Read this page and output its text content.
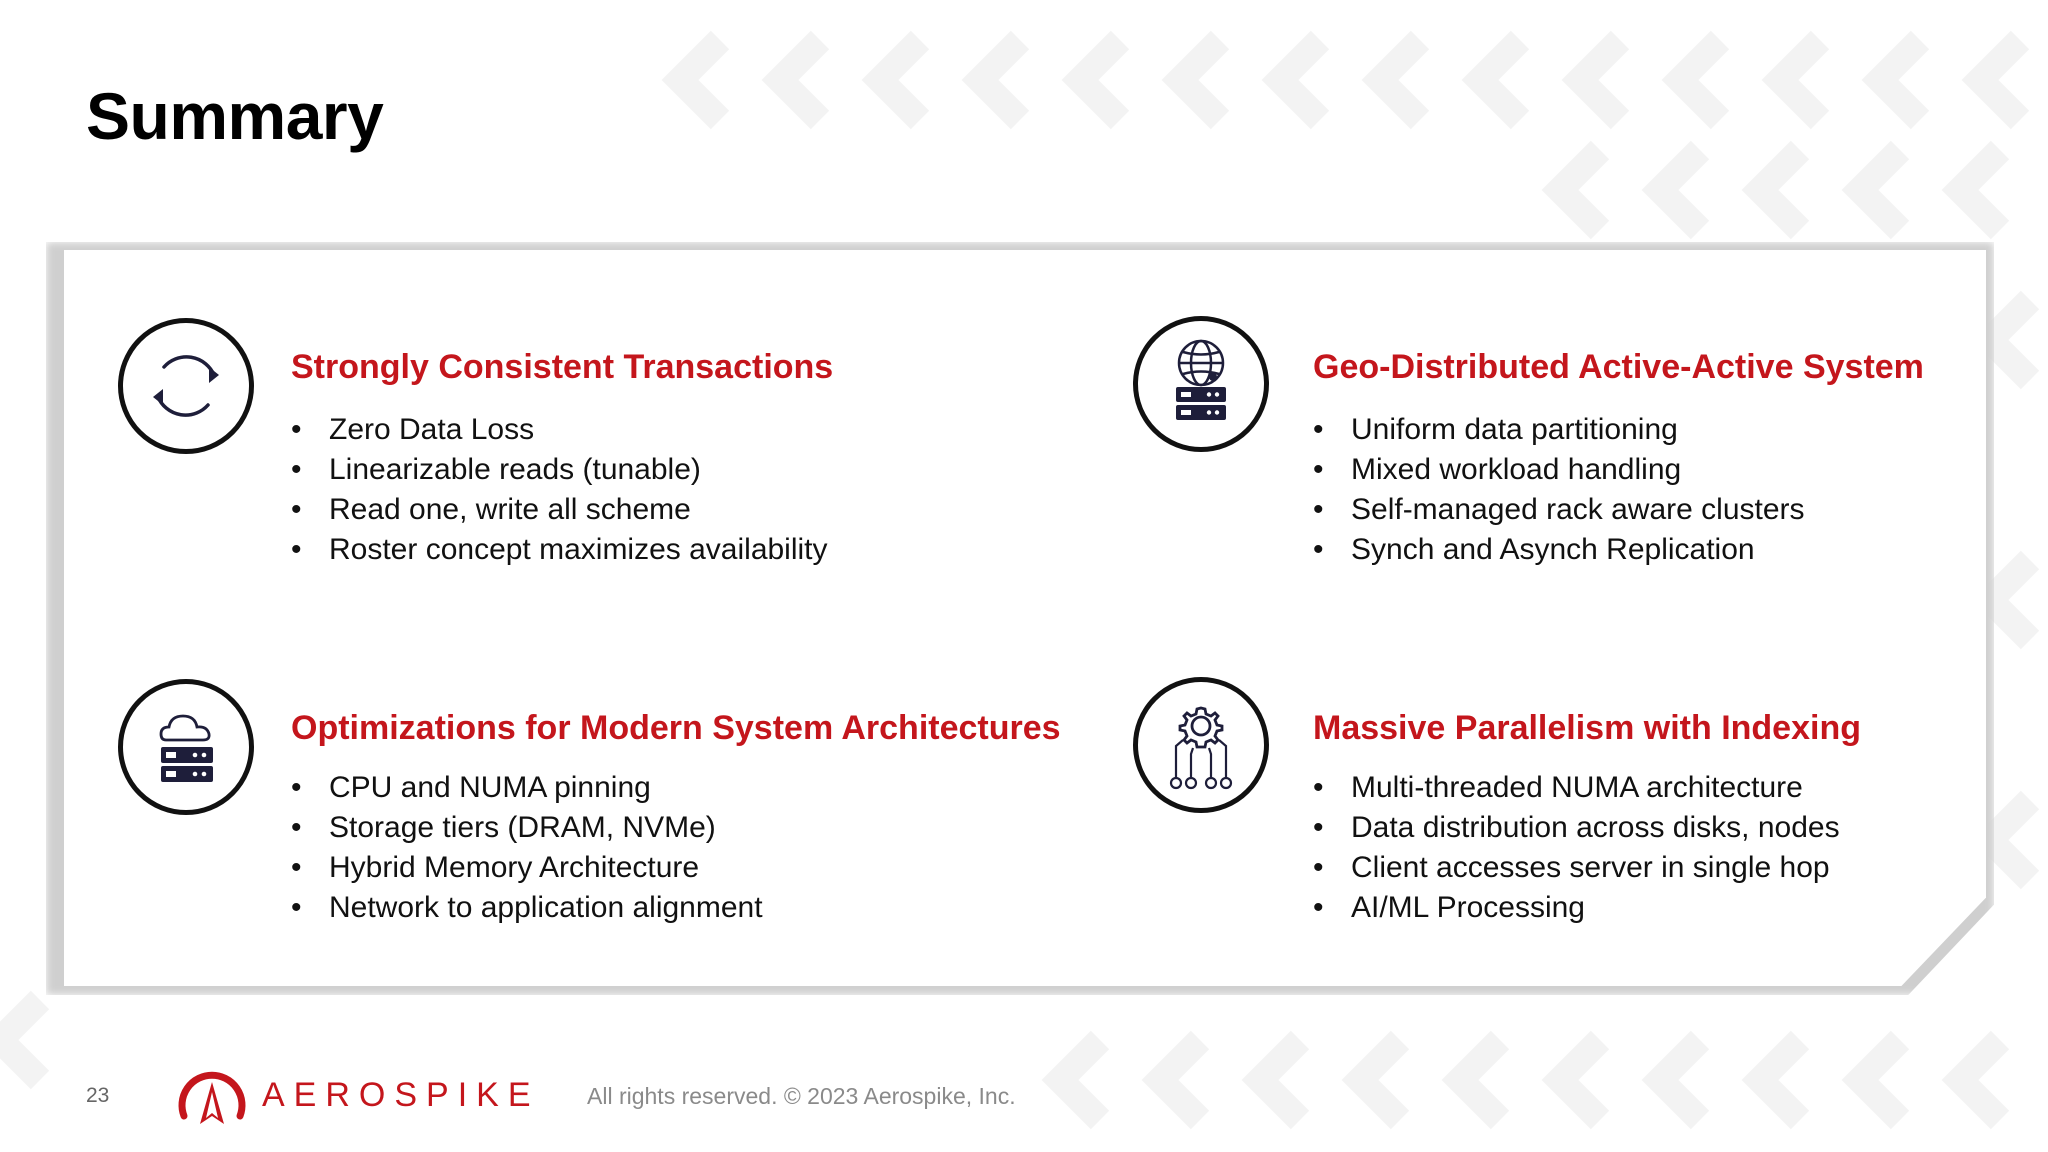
Summary
Strongly Consistent Transactions
• Zero Data Loss
• Linearizable reads (tunable)
• Read one, write all scheme
• Roster concept maximizes availability
Geo-Distributed Active-Active System
• Uniform data partitioning
• Mixed workload handling
• Self-managed rack aware clusters
• Synch and Asynch Replication
Optimizations for Modern System Architectures
• CPU and NUMA pinning
• Storage tiers (DRAM, NVMe)
• Hybrid Memory Architecture
• Network to application alignment
Massive Parallelism with Indexing
• Multi-threaded NUMA architecture
• Data distribution across disks, nodes
• Client accesses server in single hop
• AI/ML Processing
23	AEROSPIKE All rights reserved. © 2023 Aerospike, Inc.
